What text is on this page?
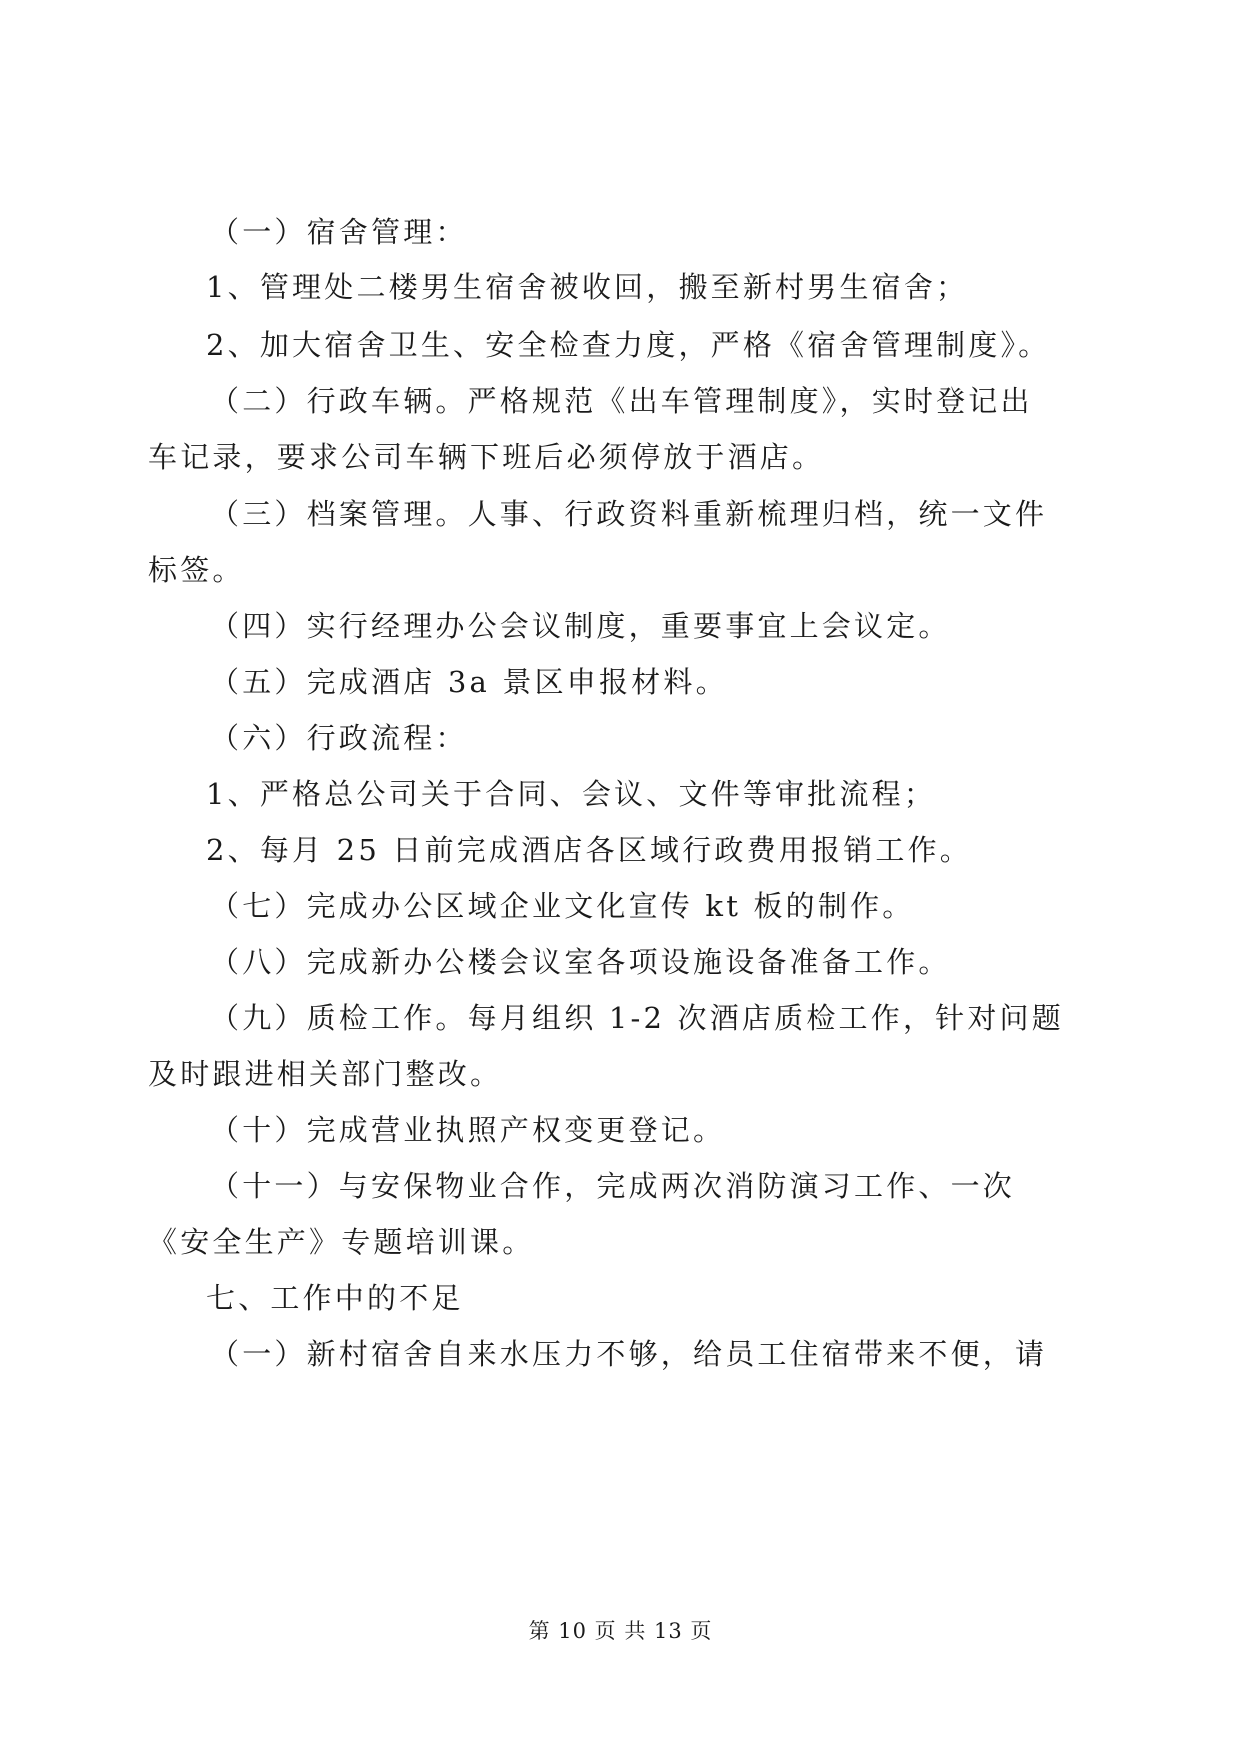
（一）宿舍管理：
1、管理处二楼男生宿舍被收回，搬至新村男生宿舍；
2、加大宿舍卫生、安全检查力度，严格《宿舍管理制度》。
（二）行政车辆。严格规范《出车管理制度》，实时登记出
车记录，要求公司车辆下班后必须停放于酒店。
（三）档案管理。人事、行政资料重新梳理归档，统一文件
标签。
（四）实行经理办公会议制度，重要事宜上会议定。
（五）完成酒店 3a 景区申报材料。
（六）行政流程：
1、严格总公司关于合同、会议、文件等审批流程；
2、每月 25 日前完成酒店各区域行政费用报销工作。
（七）完成办公区域企业文化宣传 kt 板的制作。
（八）完成新办公楼会议室各项设施设备准备工作。
（九）质检工作。每月组织 1-2 次酒店质检工作，针对问题
及时跟进相关部门整改。
（十）完成营业执照产权变更登记。
（十一）与安保物业合作，完成两次消防演习工作、一次
《安全生产》专题培训课。
七、工作中的不足
（一）新村宿舍自来水压力不够，给员工住宿带来不便，请
第 10 页 共 13 页
